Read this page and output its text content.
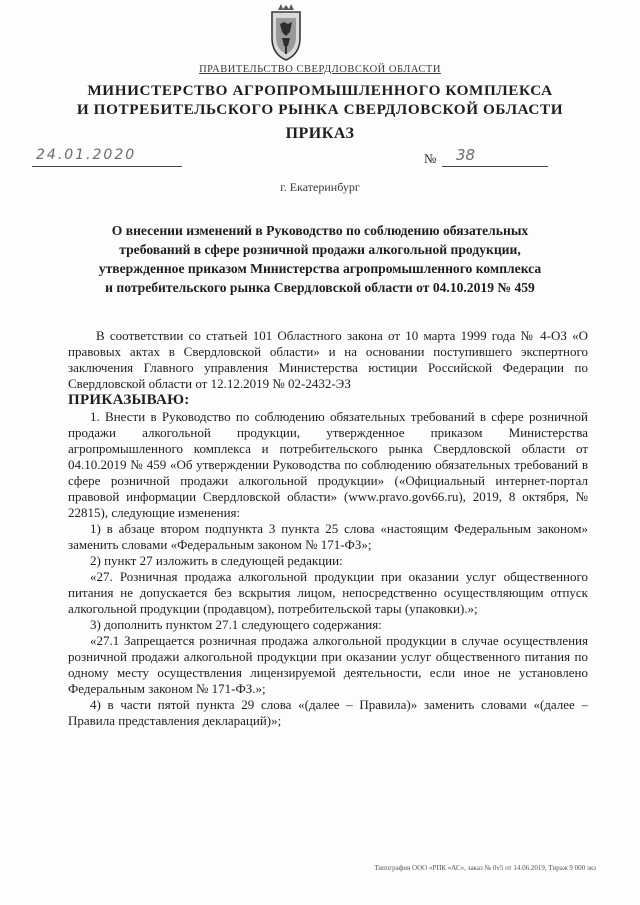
ПРАВИТЕЛЬСТВО СВЕРДЛОВСКОЙ ОБЛАСТИ
МИНИСТЕРСТВО АГРОПРОМЫШЛЕННОГО КОМПЛЕКСА
И ПОТРЕБИТЕЛЬСКОГО РЫНКА СВЕРДЛОВСКОЙ ОБЛАСТИ
ПРИКАЗ
24.01.2020	№ 38
г. Екатеринбург
О внесении изменений в Руководство по соблюдению обязательных
требований в сфере розничной продажи алкогольной продукции,
утвержденное приказом Министерства агропромышленного комплекса
и потребительского рынка Свердловской области от 04.10.2019 № 459

В соответствии со статьей 101 Областного закона от 10 марта 1999 года № 4-ОЗ «О правовых актах в Свердловской области» и на основании поступившего экспертного заключения Главного управления Министерства юстиции Российской Федерации по Свердловской области от 12.12.2019 № 02-2432-ЭЗ

ПРИКАЗЫВАЮ:

1. Внести в Руководство по соблюдению обязательных требований в сфере розничной продажи алкогольной продукции, утвержденное приказом Министерства агропромышленного комплекса и потребительского рынка Свердловской области от 04.10.2019 № 459 «Об утверждении Руководства по соблюдению обязательных требований в сфере розничной продажи алкогольной продукции» («Официальный интернет-портал правовой информации Свердловской области» (www.pravo.gov66.ru), 2019, 8 октября, № 22815), следующие изменения:

1) в абзаце втором подпункта 3 пункта 25 слова «настоящим Федеральным законом» заменить словами «Федеральным законом № 171-ФЗ»;

2) пункт 27 изложить в следующей редакции:

«27. Розничная продажа алкогольной продукции при оказании услуг общественного питания не допускается без вскрытия лицом, непосредственно осуществляющим отпуск алкогольной продукции (продавцом), потребительской тары (упаковки).»;

3) дополнить пунктом 27.1 следующего содержания:

«27.1 Запрещается розничная продажа алкогольной продукции в случае осуществления розничной продажи алкогольной продукции при оказании услуг общественного питания по одному месту осуществления лицензируемой деятельности, если иное не установлено Федеральным законом № 171-ФЗ.»;

4) в части пятой пункта 29 слова «(далее – Правила)» заменить словами «(далее – Правила представления деклараций)»;

Типография ООО «РПК «АС», заказ № 0v5 от 14.06.2019, Тираж 9 000 экз
